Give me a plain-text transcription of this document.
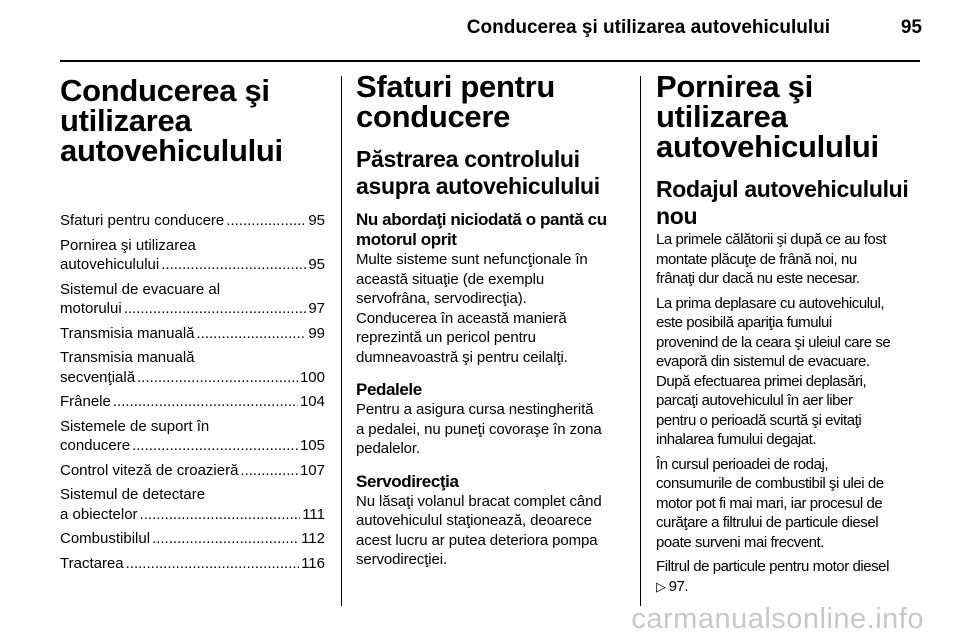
Conducerea şi utilizarea autovehiculului	95
Conducerea şi
utilizarea
autovehiculului
Sfaturi pentru conducere .....	95
Pornirea şi utilizarea
autovehiculului .....	95
Sistemul de evacuare al
motorului .....	97
Transmisia manuală .....	99
Transmisia manuală
secvenţială .....	100
Frânele .....	104
Sistemele de suport în
conducere .....	105
Control viteză de croazieră .....	107
Sistemul de detectare
a obiectelor .....	111
Combustibilul .....	112
Tractarea .....	116
Sfaturi pentru
conducere
Păstrarea controlului
asupra autovehiculului
Nu abordaţi niciodată o pantă cu
motorul oprit

Multe sisteme sunt nefuncţionale în
această situaţie (de exemplu
servofrâna, servodirecţia).
Conducerea în această manieră
reprezintă un pericol pentru
dumneavoastră şi pentru ceilalţi.

Pedalele

Pentru a asigura cursa nestingherită
a pedalei, nu puneţi covoraşe în zona
pedalelor.

Servodirecţia

Nu lăsaţi volanul bracat complet când
autovehiculul staţionează, deoarece
acest lucru ar putea deteriora pompa
servodirecţiei.

Pornirea şi utilizarea
autovehiculului
Rodajul autovehiculului
nou

La primele călătorii şi după ce au fost
montate plăcuţe de frână noi, nu
frânaţi dur dacă nu este necesar.

La prima deplasare cu autovehiculul,
este posibilă apariţia fumului
provenind de la ceara şi uleiul care se
evaporă din sistemul de evacuare.
După efectuarea primei deplasări,
parcaţi autovehiculul în aer liber
pentru o perioadă scurtă şi evitaţi
inhalarea fumului degajat.

În cursul perioadei de rodaj,
consumurile de combustibil şi ulei de
motor pot fi mai mari, iar procesul de
curăţare a filtrului de particule diesel
poate surveni mai frecvent.

Filtrul de particule pentru motor diesel
▷ 97.

carmanualsonline.info
